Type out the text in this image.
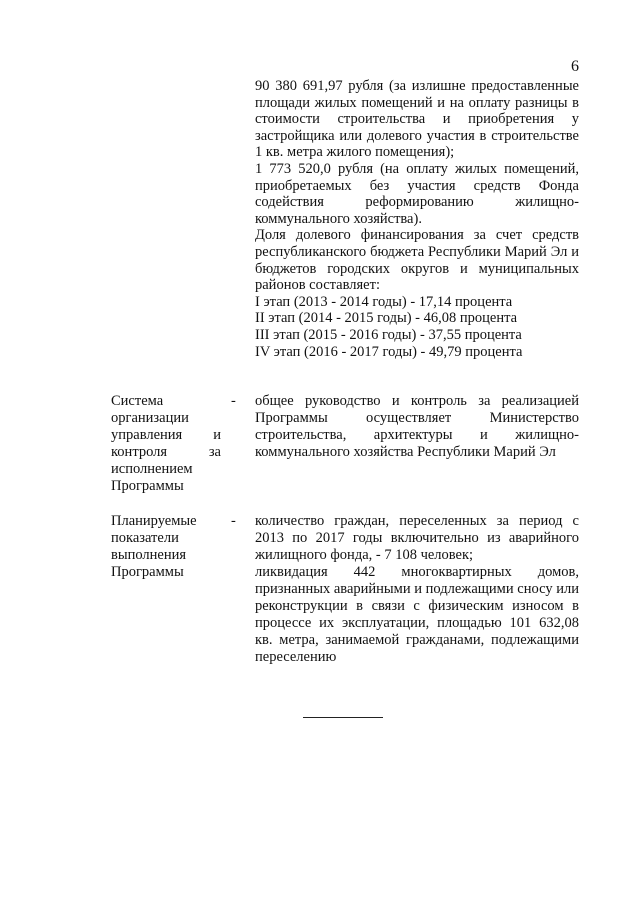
6

90 380 691,97 рубля (за излишне предоставленные площади жилых помещений и на оплату разницы в стоимости строительства и приобретения у застройщика или долевого участия в строительстве 1 кв. метра жилого помещения);

1 773 520,0 рубля (на оплату жилых помещений, приобретаемых без участия средств Фонда содействия реформированию жилищно-коммунального хозяйства).

Доля долевого финансирования за счет средств республиканского бюджета Республики Марий Эл и бюджетов городских округов и муниципальных районов составляет:

I этап (2013 - 2014 годы) - 17,14 процента
II этап (2014 - 2015 годы) - 46,08 процента
III этап (2015 - 2016 годы) - 37,55 процента
IV этап (2016 - 2017 годы) - 49,79 процента
Система
организации
управления и
контроля	за
исполнением
Программы
- общее руководство и контроль за реализацией Программы осуществляет Министерство строительства, архитектуры и жилищно-коммунального хозяйства Республики Марий Эл

Планируемые
показатели
выполнения
Программы
- количество граждан, переселенных за период с 2013 по 2017 годы включительно из аварийного жилищного фонда, - 7 108 человек;

ликвидация 442 многоквартирных домов, признанных аварийными и подлежащими сносу или реконструкции в связи с физическим износом в процессе их эксплуатации, площадью 101 632,08 кв. метра, занимаемой гражданами, подлежащими переселению
